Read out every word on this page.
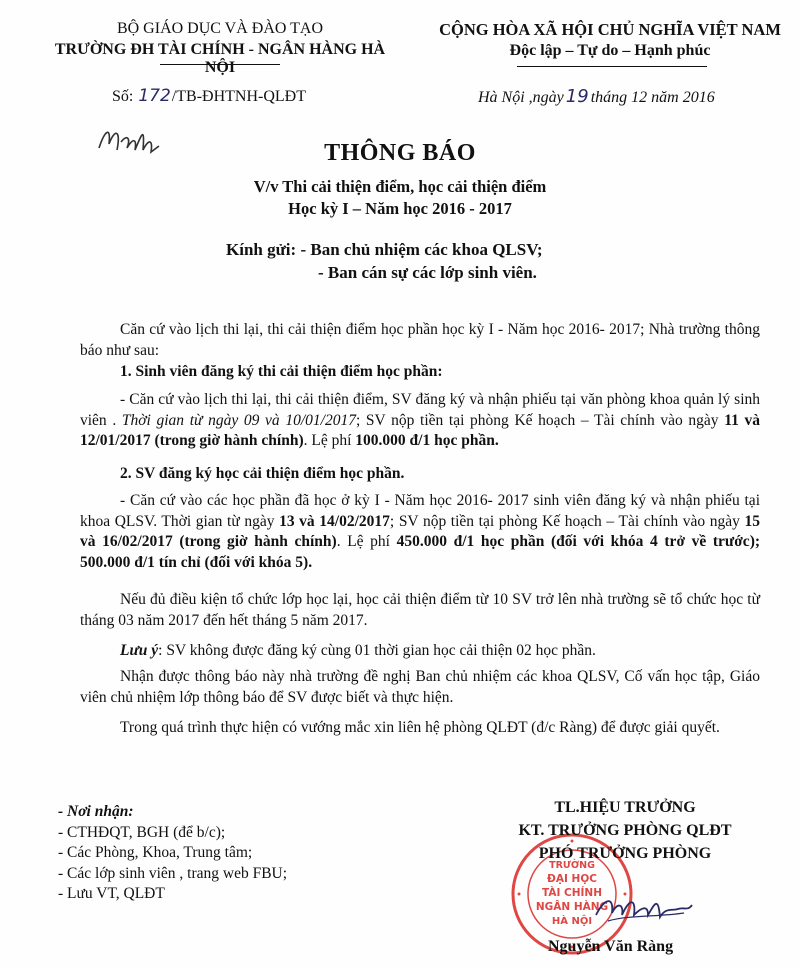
BỘ GIÁO DỤC VÀ ĐÀO TẠO
TRƯỜNG ĐH TÀI CHÍNH - NGÂN HÀNG HÀ NỘI
CỘNG HÒA XÃ HỘI CHỦ NGHĨA VIỆT NAM
Độc lập – Tự do – Hạnh phúc
Số: 172/TB-ĐHTNH-QLĐT	Hà Nội ,ngày 19 tháng 12 năm 2016
THÔNG BÁO
V/v Thi cải thiện điểm, học cải thiện điểm
Học kỳ I – Năm học 2016 - 2017
Kính gửi: - Ban chủ nhiệm các khoa QLSV;
- Ban cán sự các lớp sinh viên.
Căn cứ vào lịch thi lại, thi cải thiện điểm học phần học kỳ I - Năm học 2016- 2017; Nhà trường thông báo như sau:
1. Sinh viên đăng ký thi cải thiện điểm học phần:
- Căn cứ vào lịch thi lại, thi cải thiện điểm, SV đăng ký và nhận phiếu tại văn phòng khoa quản lý sinh viên . Thời gian từ ngày 09 và 10/01/2017; SV nộp tiền tại phòng Kế hoạch – Tài chính vào ngày 11 và 12/01/2017 (trong giờ hành chính). Lệ phí 100.000 đ/1 học phần.
2. SV đăng ký học cải thiện điểm học phần.
- Căn cứ vào các học phần đã học ở kỳ I - Năm học 2016- 2017 sinh viên đăng ký và nhận phiếu tại khoa QLSV. Thời gian từ ngày 13 và 14/02/2017; SV nộp tiền tại phòng Kế hoạch – Tài chính vào ngày 15 và 16/02/2017 (trong giờ hành chính). Lệ phí 450.000 đ/1 học phần (đối với khóa 4 trở về trước); 500.000 đ/1 tín chỉ (đối với khóa 5).
Nếu đủ điều kiện tổ chức lớp học lại, học cải thiện điểm từ 10 SV trở lên nhà trường sẽ tổ chức học từ tháng 03 năm 2017 đến hết tháng 5 năm 2017.
Lưu ý: SV không được đăng ký cùng 01 thời gian học cải thiện 02 học phần.
Nhận được thông báo này nhà trường đề nghị Ban chủ nhiệm các khoa QLSV, Cố vấn học tập, Giáo viên chủ nhiệm lớp thông báo để SV được biết và thực hiện.
Trong quá trình thực hiện có vướng mắc xin liên hệ phòng QLĐT (đ/c Ràng) để được giải quyết.
- Nơi nhận:
- CTHĐQT, BGH (để b/c);
- Các Phòng, Khoa, Trung tâm;
- Các lớp sinh viên , trang web FBU;
- Lưu VT, QLĐT
TRƯỜNG
ĐẠI HỌC
TÀI CHÍNH
NGÂN HÀNG
HÀ NỘI
TL.HIỆU TRƯỞNG
KT. TRƯỞNG PHÒNG QLĐT
PHÓ TRƯỞNG PHÒNG
Nguyễn Văn Ràng
